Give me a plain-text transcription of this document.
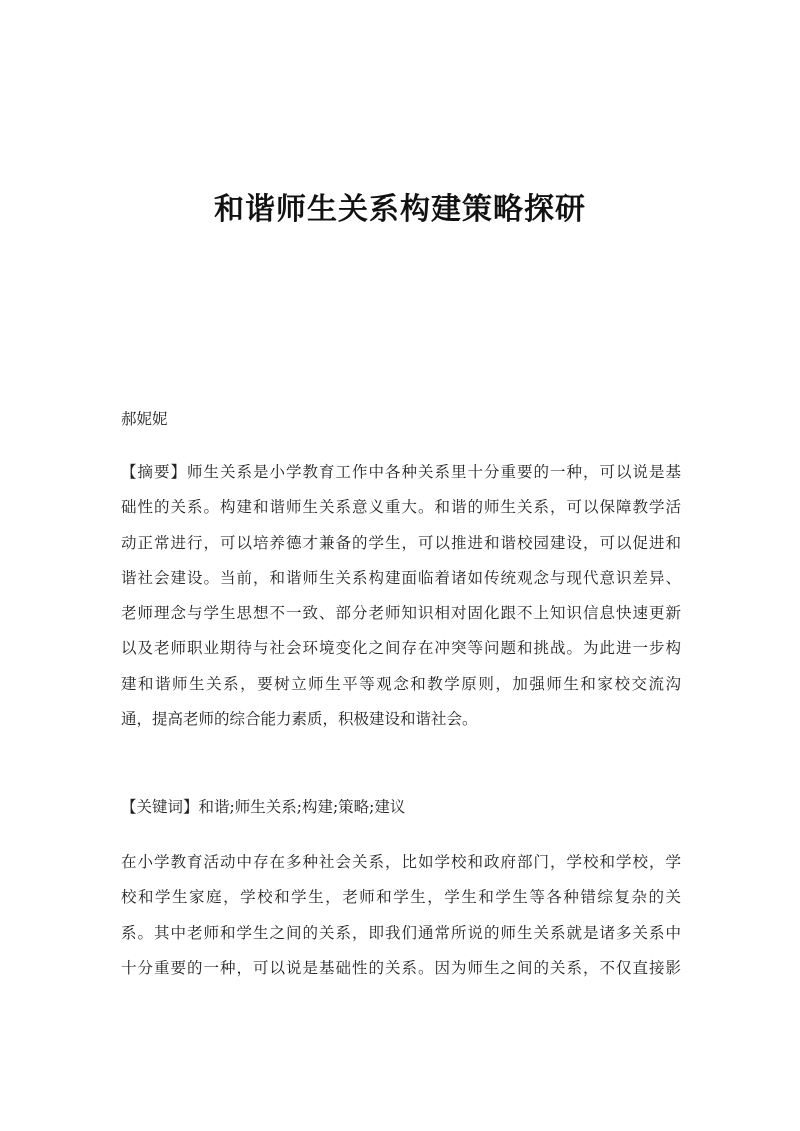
和谐师生关系构建策略探研
郝妮妮
【摘要】师生关系是小学教育工作中各种关系里十分重要的一种，可以说是基
础性的关系。构建和谐师生关系意义重大。和谐的师生关系，可以保障教学活
动正常进行，可以培养德才兼备的学生，可以推进和谐校园建设，可以促进和
谐社会建设。当前，和谐师生关系构建面临着诸如传统观念与现代意识差异、
老师理念与学生思想不一致、部分老师知识相对固化跟不上知识信息快速更新
以及老师职业期待与社会环境变化之间存在冲突等问题和挑战。为此进一步构
建和谐师生关系，要树立师生平等观念和教学原则，加强师生和家校交流沟
通，提高老师的综合能力素质，积极建设和谐社会。
【关键词】和谐;师生关系;构建;策略;建议
在小学教育活动中存在多种社会关系，比如学校和政府部门，学校和学校，学
校和学生家庭，学校和学生，老师和学生，学生和学生等各种错综复杂的关
系。其中老师和学生之间的关系，即我们通常所说的师生关系就是诸多关系中
十分重要的一种，可以说是基础性的关系。因为师生之间的关系，不仅直接影
